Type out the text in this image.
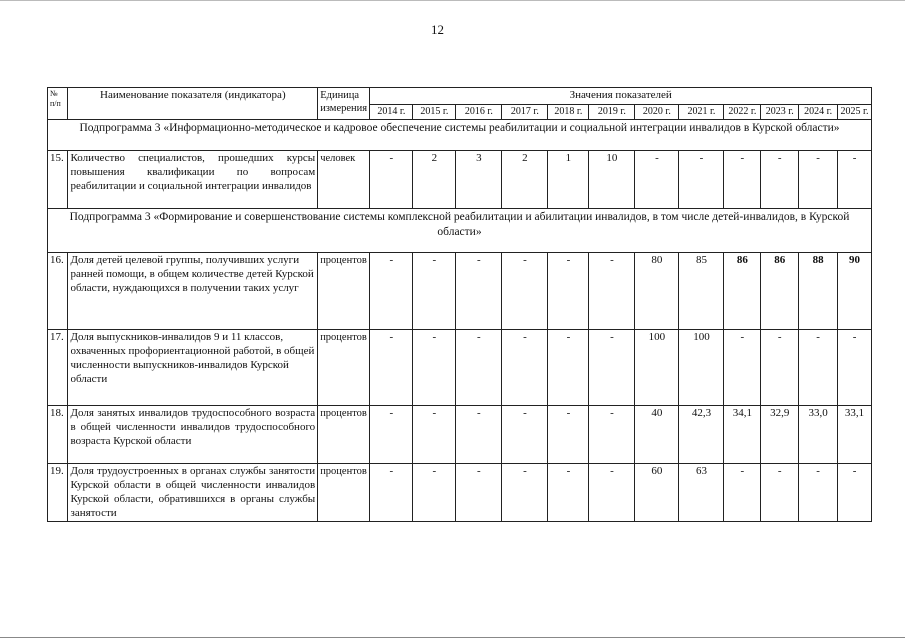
12
№ п/п	Наименование показателя (индикатора)	Единица
измерения	Значения показателей											
			2014 г.	2015 г.	2016 г.	2017 г.	2018 г.	2019 г.	2020 г.	2021 г.	2022 г.	2023 г.	2024 г.	2025 г.
Подпрограмма 3 «Информационно-методическое и кадровое обеспечение системы реабилитации и социальной интеграции инвалидов в Курской области»														
15.	Количество специалистов, прошедших курсы повышения квалификации по вопросам реабилитации и социальной интеграции инвалидов	человек	-	2	3	2	1	10	-	-	-	-	-	-
Подпрограмма 3 «Формирование и совершенствование системы комплексной реабилитации и абилитации инвалидов, в том числе детей-инвалидов, в Курской области»														
16.	Доля детей целевой группы, получивших услуги ранней помощи, в общем количестве детей Курской области, нуждающихся в получении таких услуг	процентов	-	-	-	-	-	-	80	85	86	86	88	90
17.	Доля выпускников-инвалидов 9 и 11 классов, охваченных профориентационной работой, в общей численности выпускников-инвалидов Курской области	процентов	-	-	-	-	-	-	100	100	-	-	-	-
18.	Доля занятых инвалидов трудоспособного возраста в общей численности инвалидов трудоспособного возраста Курской области	процентов	-	-	-	-	-	-	40	42,3	34,1	32,9	33,0	33,1
19.	Доля трудоустроенных в органах службы занятости Курской области в общей численности инвалидов Курской области, обратившихся в органы службы занятости	процентов	-	-	-	-	-	-	60	63	-	-	-	-
